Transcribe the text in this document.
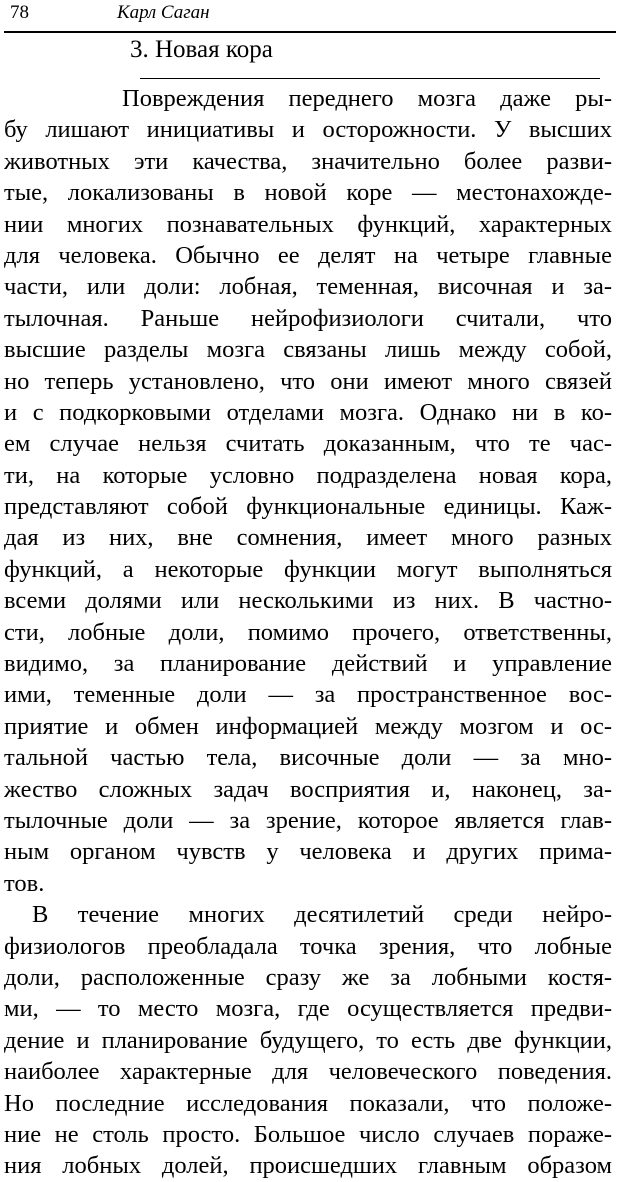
78	Карл Саган
3. Новая кора
Повреждения переднего мозга даже ры-
бу лишают инициативы и осторожности. У высших
животных эти качества, значительно более разви-
тые, локализованы в новой коре — местонахожде-
нии многих познавательных функций, характерных
для человека. Обычно ее делят на четыре главные
части, или доли: лобная, теменная, височная и за-
тылочная. Раньше нейрофизиологи считали, что
высшие разделы мозга связаны лишь между собой,
но теперь установлено, что они имеют много связей
и с подкорковыми отделами мозга. Однако ни в ко-
ем случае нельзя считать доказанным, что те час-
ти, на которые условно подразделена новая кора,
представляют собой функциональные единицы. Каж-
дая из них, вне сомнения, имеет много разных
функций, а некоторые функции могут выполняться
всеми долями или несколькими из них. В частно-
сти, лобные доли, помимо прочего, ответственны,
видимо, за планирование действий и управление
ими, теменные доли — за пространственное вос-
приятие и обмен информацией между мозгом и ос-
тальной частью тела, височные доли — за мно-
жество сложных задач восприятия и, наконец, за-
тылочные доли — за зрение, которое является глав-
ным органом чувств у человека и других прима-
тов.
В течение многих десятилетий среди нейро-
физиологов преобладала точка зрения, что лобные
доли, расположенные сразу же за лобными костя-
ми, — то место мозга, где осуществляется предви-
дение и планирование будущего, то есть две функции,
наиболее характерные для человеческого поведения.
Но последние исследования показали, что положе-
ние не столь просто. Большое число случаев пораже-
ния лобных долей, происшедших главным образом
